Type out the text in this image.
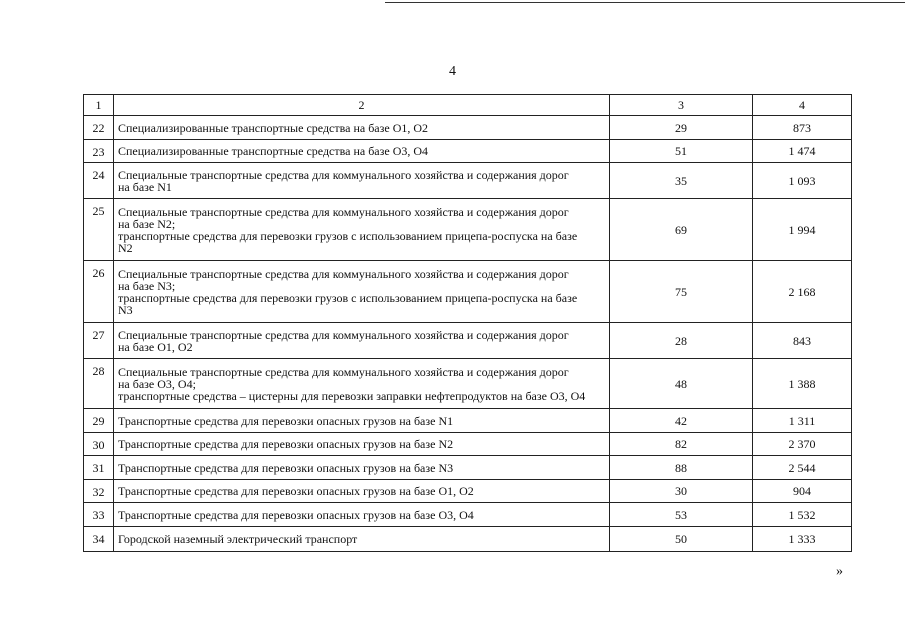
4
1	2	3	4
22	Специализированные транспортные средства на базе O1, O2	29	873
23	Специализированные транспортные средства на базе O3, O4	51	1 474
24	Специальные транспортные средства для коммунального хозяйства и содержания дорог
на базе N1	35	1 093
25	Специальные транспортные средства для коммунального хозяйства и содержания дорог
на базе N2;
транспортные средства для перевозки грузов с использованием прицепа-роспуска на базе
N2	69	1 994
26	Специальные транспортные средства для коммунального хозяйства и содержания дорог
на базе N3;
транспортные средства для перевозки грузов с использованием прицепа-роспуска на базе
N3	75	2 168
27	Специальные транспортные средства для коммунального хозяйства и содержания дорог
на базе O1, O2	28	843
28	Специальные транспортные средства для коммунального хозяйства и содержания дорог
на базе O3, O4;
транспортные средства – цистерны для перевозки заправки нефтепродуктов на базе O3, O4	48	1 388
29	Транспортные средства для перевозки опасных грузов на базе N1	42	1 311
30	Транспортные средства для перевозки опасных грузов на базе N2	82	2 370
31	Транспортные средства для перевозки опасных грузов на базе N3	88	2 544
32	Транспортные средства для перевозки опасных грузов на базе O1, O2	30	904
33	Транспортные средства для перевозки опасных грузов на базе O3, O4	53	1 532
34	Городской наземный электрический транспорт	50	1 333
»
